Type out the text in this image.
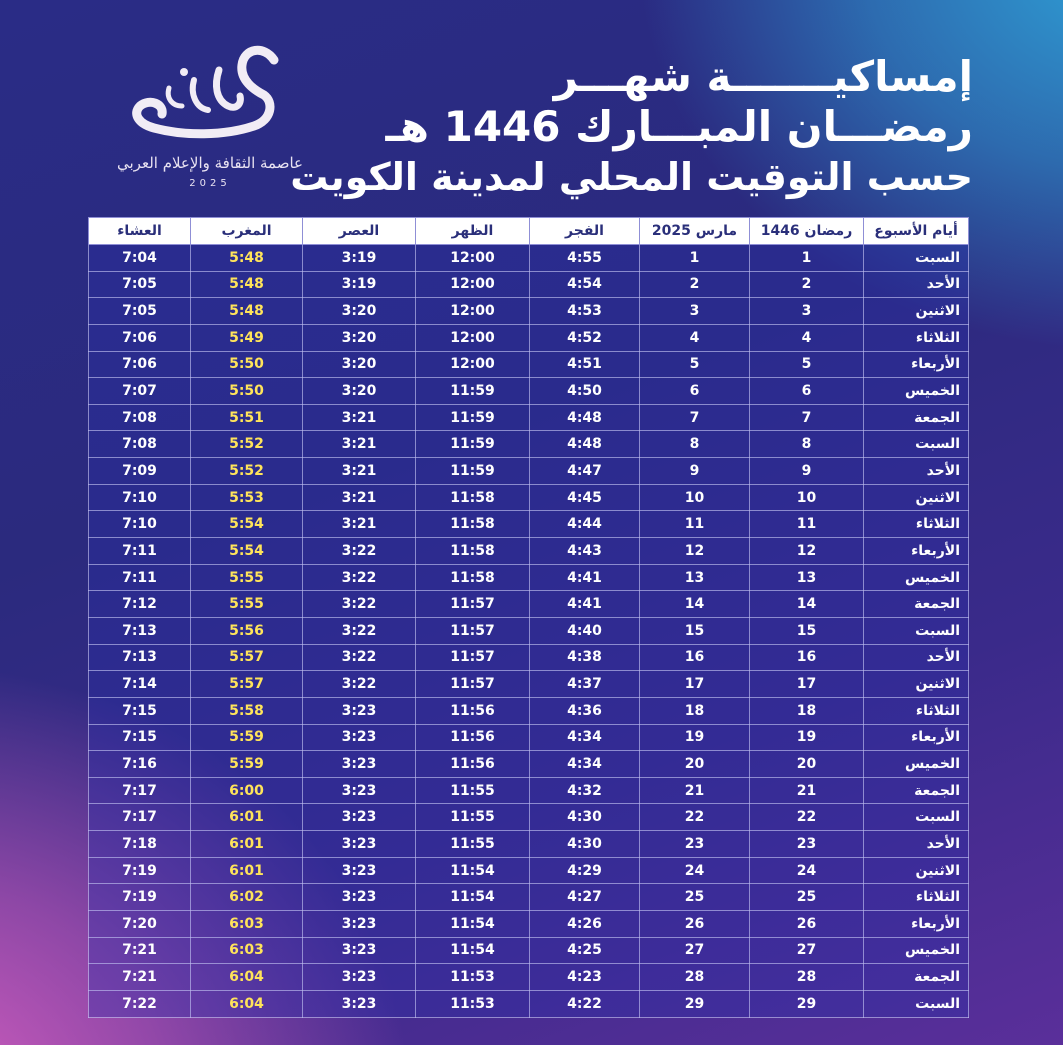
عاصمة الثقافة والإعلام العربي
2025
إمساكيـــــــة شهـــر
رمضـــان المبـــارك 1446 هـ
حسب التوقيت المحلي لمدينة الكويت
أيام الأسبوع	رمضان 1446	مارس 2025	الفجر	الظهر	العصر	المغرب	العشاء
السبت	1	1	4:55	12:00	3:19	5:48	7:04
الأحد	2	2	4:54	12:00	3:19	5:48	7:05
الاثنين	3	3	4:53	12:00	3:20	5:48	7:05
الثلاثاء	4	4	4:52	12:00	3:20	5:49	7:06
الأربعاء	5	5	4:51	12:00	3:20	5:50	7:06
الخميس	6	6	4:50	11:59	3:20	5:50	7:07
الجمعة	7	7	4:48	11:59	3:21	5:51	7:08
السبت	8	8	4:48	11:59	3:21	5:52	7:08
الأحد	9	9	4:47	11:59	3:21	5:52	7:09
الاثنين	10	10	4:45	11:58	3:21	5:53	7:10
الثلاثاء	11	11	4:44	11:58	3:21	5:54	7:10
الأربعاء	12	12	4:43	11:58	3:22	5:54	7:11
الخميس	13	13	4:41	11:58	3:22	5:55	7:11
الجمعة	14	14	4:41	11:57	3:22	5:55	7:12
السبت	15	15	4:40	11:57	3:22	5:56	7:13
الأحد	16	16	4:38	11:57	3:22	5:57	7:13
الاثنين	17	17	4:37	11:57	3:22	5:57	7:14
الثلاثاء	18	18	4:36	11:56	3:23	5:58	7:15
الأربعاء	19	19	4:34	11:56	3:23	5:59	7:15
الخميس	20	20	4:34	11:56	3:23	5:59	7:16
الجمعة	21	21	4:32	11:55	3:23	6:00	7:17
السبت	22	22	4:30	11:55	3:23	6:01	7:17
الأحد	23	23	4:30	11:55	3:23	6:01	7:18
الاثنين	24	24	4:29	11:54	3:23	6:01	7:19
الثلاثاء	25	25	4:27	11:54	3:23	6:02	7:19
الأربعاء	26	26	4:26	11:54	3:23	6:03	7:20
الخميس	27	27	4:25	11:54	3:23	6:03	7:21
الجمعة	28	28	4:23	11:53	3:23	6:04	7:21
السبت	29	29	4:22	11:53	3:23	6:04	7:22
